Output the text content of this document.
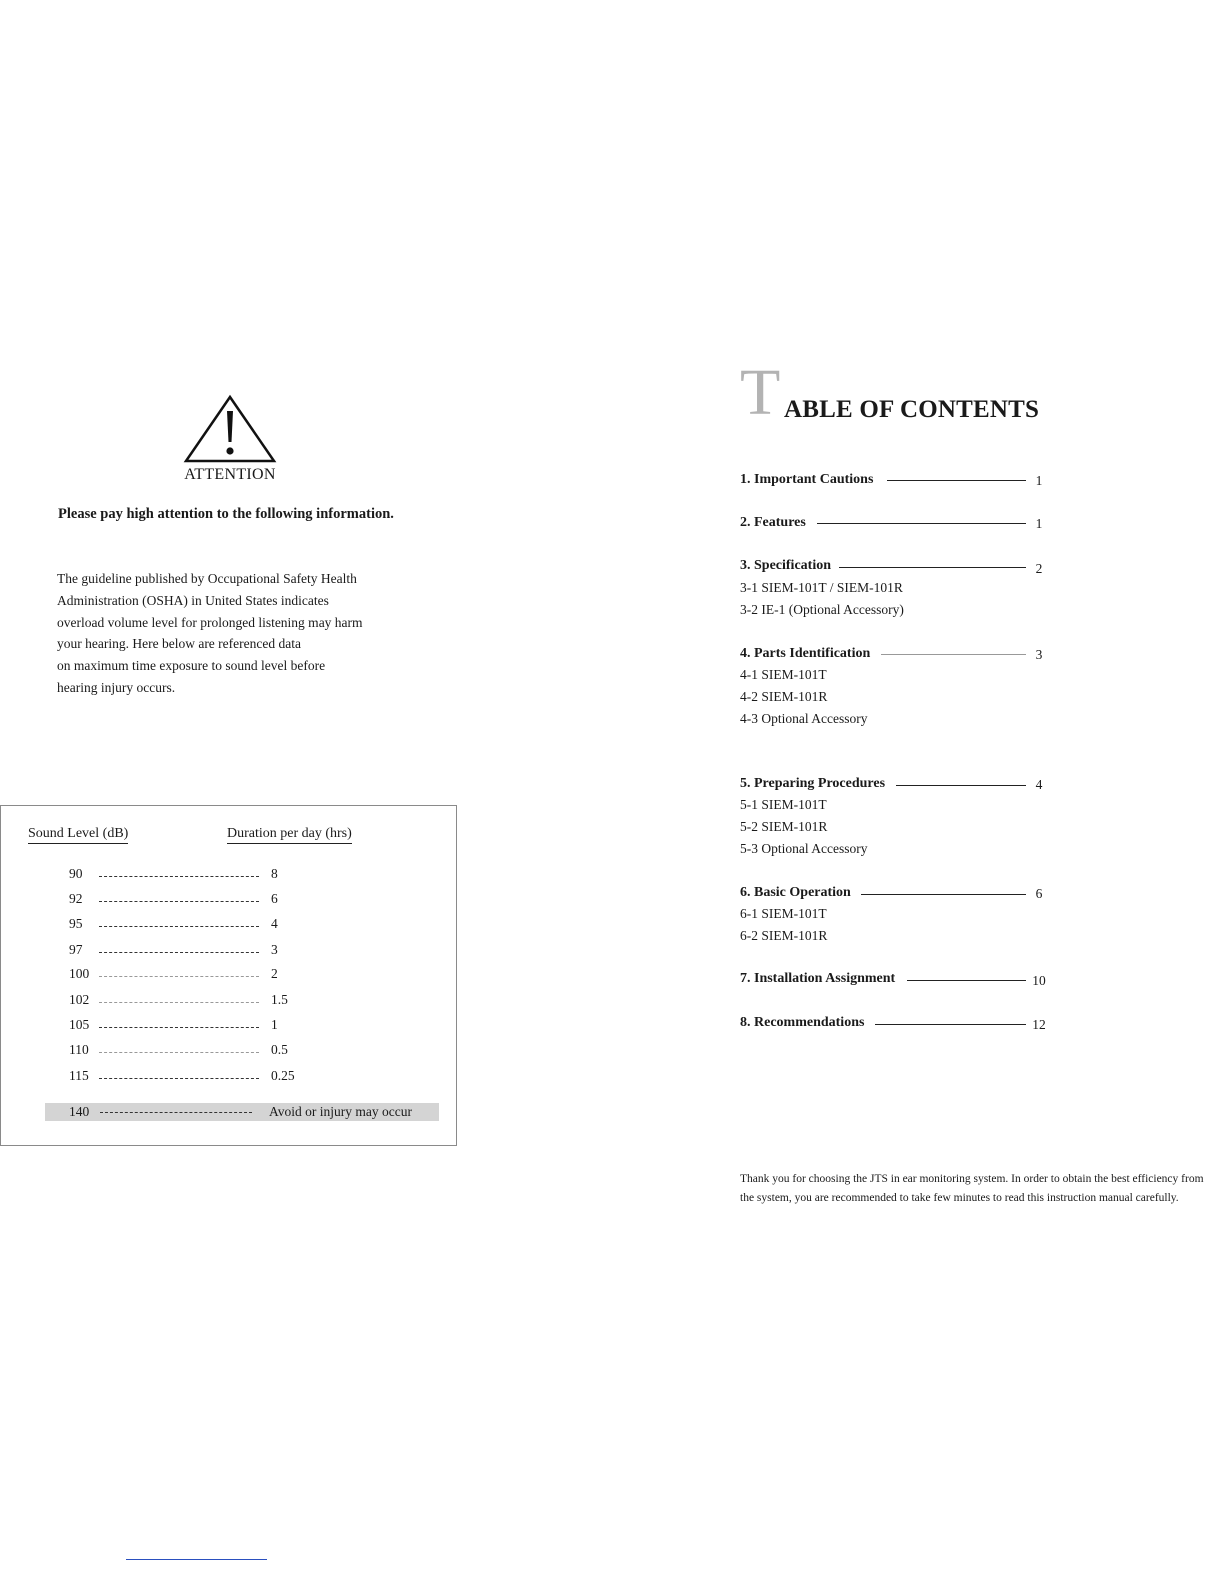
ATTENTION
Please pay high attention to the following information.
The guideline published by Occupational Safety Health
Administration (OSHA) in United States indicates
overload volume level for prolonged listening may harm
your hearing. Here below are referenced data
on maximum time exposure to sound level before
hearing injury occurs.
Sound Level (dB)	Duration per day (hrs)
90	8
92	6
95	4
97	3
100	2
102	1.5
105	1
110	0.5
115	0.25
140	Avoid or injury may occur
T ABLE OF CONTENTS
1. Important Cautions	1
2. Features	1
3. Specification	2
3-1 SIEM-101T / SIEM-101R
3-2 IE-1 (Optional Accessory)
4. Parts Identification	3
4-1 SIEM-101T
4-2 SIEM-101R
4-3 Optional Accessory
5. Preparing Procedures	4
5-1 SIEM-101T
5-2 SIEM-101R
5-3 Optional Accessory
6. Basic Operation	6
6-1 SIEM-101T
6-2 SIEM-101R
7. Installation Assignment	10
8. Recommendations	12
Thank you for choosing the JTS in ear monitoring system. In order to obtain the best efficiency from
the system, you are recommended to take few minutes to read this instruction manual carefully.
